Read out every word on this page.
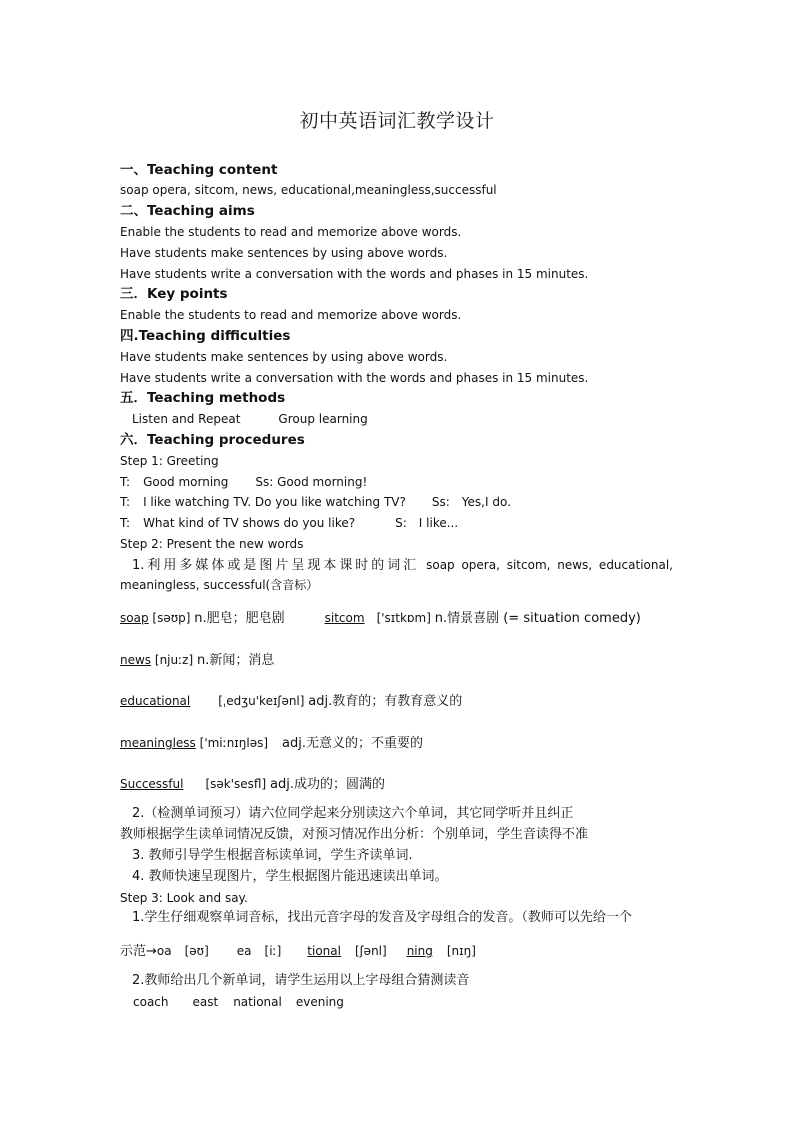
初中英语词汇教学设计
一、Teaching content
soap opera, sitcom, news, educational,meaningless,successful
二、Teaching aims
Enable the students to read and memorize above words.
Have students make sentences by using above words.
Have students write a conversation with the words and phases in 15 minutes.
三．Key points
Enable the students to read and memorize above words.
四.Teaching difficulties
Have students make sentences by using above words.
Have students write a conversation with the words and phases in 15 minutes.
五．Teaching methods
Listen and Repeat	Group learning
六．Teaching procedures
Step 1: Greeting
T: Good morning Ss: Good morning!
T: I like watching TV. Do you like watching TV? Ss: Yes,I do.
T: What kind of TV shows do you like?	S: I like...
Step 2: Present the new words
1.利用多媒体或是图片呈现本课时的词汇 soap opera, sitcom, news, educational,
meaningless, successful(含音标）
soap [səʊp] n.肥皂；肥皂剧	sitcom ['sɪtkɒm] n.情景喜剧 (= situation comedy)
news [njuːz] n.新闻；消息
educational [ˌedʒu'keɪʃənl] adj.教育的；有教育意义的
meaningless ['miːnɪŋləs] adj.无意义的；不重要的
Successful [sək'sesfl] adj.成功的；圆满的
2.（检测单词预习）请六位同学起来分别读这六个单词，其它同学听并且纠正
教师根据学生读单词情况反馈，对预习情况作出分析：个别单词，学生音读得不准
3. 教师引导学生根据音标读单词，学生齐读单词.
4. 教师快速呈现图片，学生根据图片能迅速读出单词。
Step 3: Look and say.
1.学生仔细观察单词音标，找出元音字母的发音及字母组合的发音。（教师可以先给一个
示范→oa [əʊ] ea [iː] tional [ʃənl] ning [nɪŋ]
2.教师给出几个新单词，请学生运用以上字母组合猜测读音
coach east national evening
